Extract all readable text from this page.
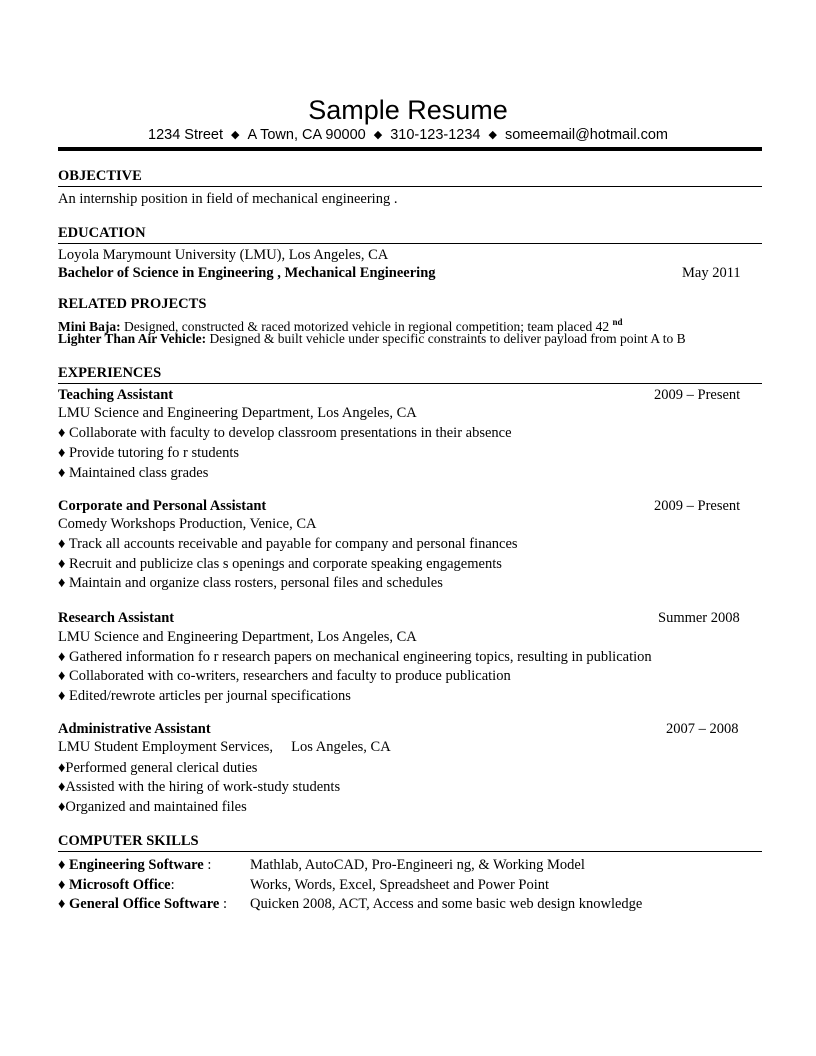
Sample Resume
1234 Street ◆ A Town, CA 90000 ◆ 310-123-1234 ◆ someemail@hotmail.com
OBJECTIVE
An internship position in field of mechanical engineering .
EDUCATION
Loyola Marymount University (LMU), Los Angeles, CA
Bachelor of Science in Engineering , Mechanical Engineering	May 2011
RELATED PROJECTS
Mini Baja: Designed, constructed & raced motorized vehicle in regional competition; team placed 42 $^{nd}$
Lighter Than Air Vehicle: Designed & built vehicle under specific constraints to deliver payload from point A to B
EXPERIENCES
Teaching Assistant	2009 – Present
LMU Science and Engineering Department, Los Angeles, CA
♦ Collaborate with faculty to develop classroom presentations in their absence
♦ Provide tutoring fo r students
♦ Maintained class grades
Corporate and Personal Assistant	2009 – Present
Comedy Workshops Production, Venice, CA
♦ Track all accounts receivable and payable for company and personal finances
♦ Recruit and publicize clas s openings and corporate speaking engagements
♦ Maintain and organize class rosters, personal files and schedules
Research Assistant	Summer 2008
LMU Science and Engineering Department, Los Angeles, CA
♦ Gathered information fo r research papers on mechanical engineering topics, resulting in publication
♦ Collaborated with co-writers, researchers and faculty to produce publication
♦ Edited/rewrote articles per journal specifications
Administrative Assistant	2007 – 2008
LMU Student Employment Services,     Los Angeles, CA
♦Performed general clerical duties
♦Assisted with the hiring of work-study students
♦Organized and maintained files
COMPUTER SKILLS
♦ Engineering Software :	Mathlab, AutoCAD, Pro-Engineeri ng, & Working Model
♦ Microsoft Office:	Works, Words, Excel, Spreadsheet and Power Point
♦ General Office Software : Quicken 2008, ACT, Access and some basic web design knowledge
